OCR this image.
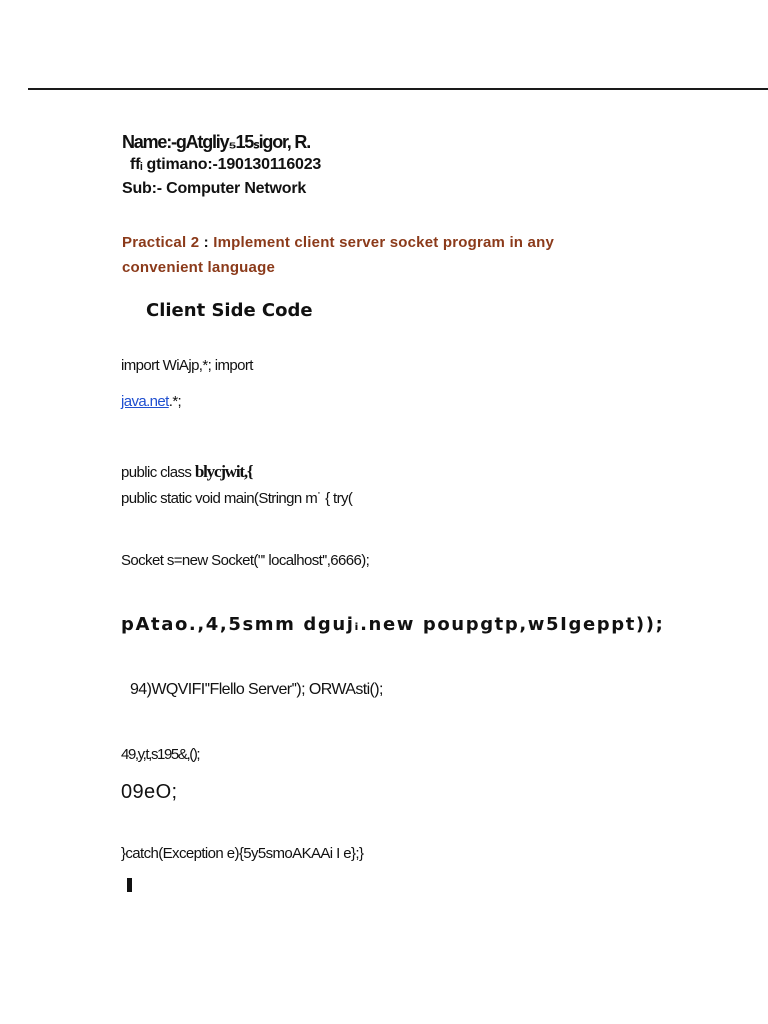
Name:-gAtgliy₅15ₛigor, R.
ffᵢ gtimano:-190130116023
Sub:- Computer Network
Practical 2 : Implement client server socket program in any convenient language
Client Side Code
import WiAjp,*; import
java.net.*;
public class blycjwit,{
public static void main(Stringn m˙ { try(
Socket s=new Socket("' localhost'',6666);
pAtao.,4,5smm dgujᵢ.new poupgtp,w5Igeppt));
94)WQVIFI''Flello Server''); ORWAsti();
49,y,t,s195&,();
09eO;
}catch(Exception e){5y5smoAKAAi I e};}
